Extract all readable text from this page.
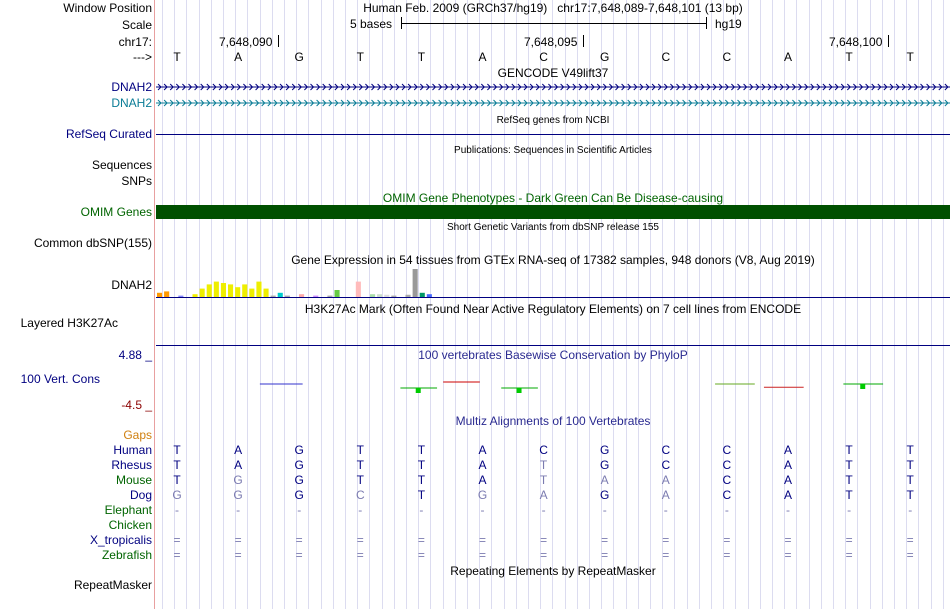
Window Position
Scale
chr17:
--->
Human Feb. 2009 (GRCh37/hg19)   chr17:7,648,089-7,648,101 (13 bp)
5 bases	hg19
7,648,090	7,648,095	7,648,100
T	A	G	T	T	A	C	G	C	C	A	T	T
GENCODE V49lift37
DNAH2
DNAH2
RefSeq genes from NCBI
RefSeq Curated
Publications: Sequences in Scientific Articles
Sequences
SNPs
OMIM Gene Phenotypes - Dark Green Can Be Disease-causing
OMIM Genes
Short Genetic Variants from dbSNP release 155
Common dbSNP(155)
Gene Expression in 54 tissues from GTEx RNA-seq of 17382 samples, 948 donors (V8, Aug 2019)
DNAH2
H3K27Ac Mark (Often Found Near Active Regulatory Elements) on 7 cell lines from ENCODE
Layered H3K27Ac
100 vertebrates Basewise Conservation by PhyloP
4.88 _
100 Vert. Cons
-4.5 _
Multiz Alignments of 100 Vertebrates
Gaps
Human T	A	G	T	T	A	C	G	C	C	A	T	T
Rhesus T	A	G	T	T	A	T	G	C	C	A	T	T
Mouse T	G	G	T	T	A	T	A	A	C	A	T	T
Dog G	G	G	C	T	G	A	G	A	C	A	T	T
Elephant	-	-	-	-	-	-	-	-	-	-	-	-	-
Chicken
X_tropicalis =	=	=	=	=	=	=	=	=	=	=	=	=
Zebrafish =	=	=	=	=	=	=	=	=	=	=	=	=
Repeating Elements by RepeatMasker
RepeatMasker
